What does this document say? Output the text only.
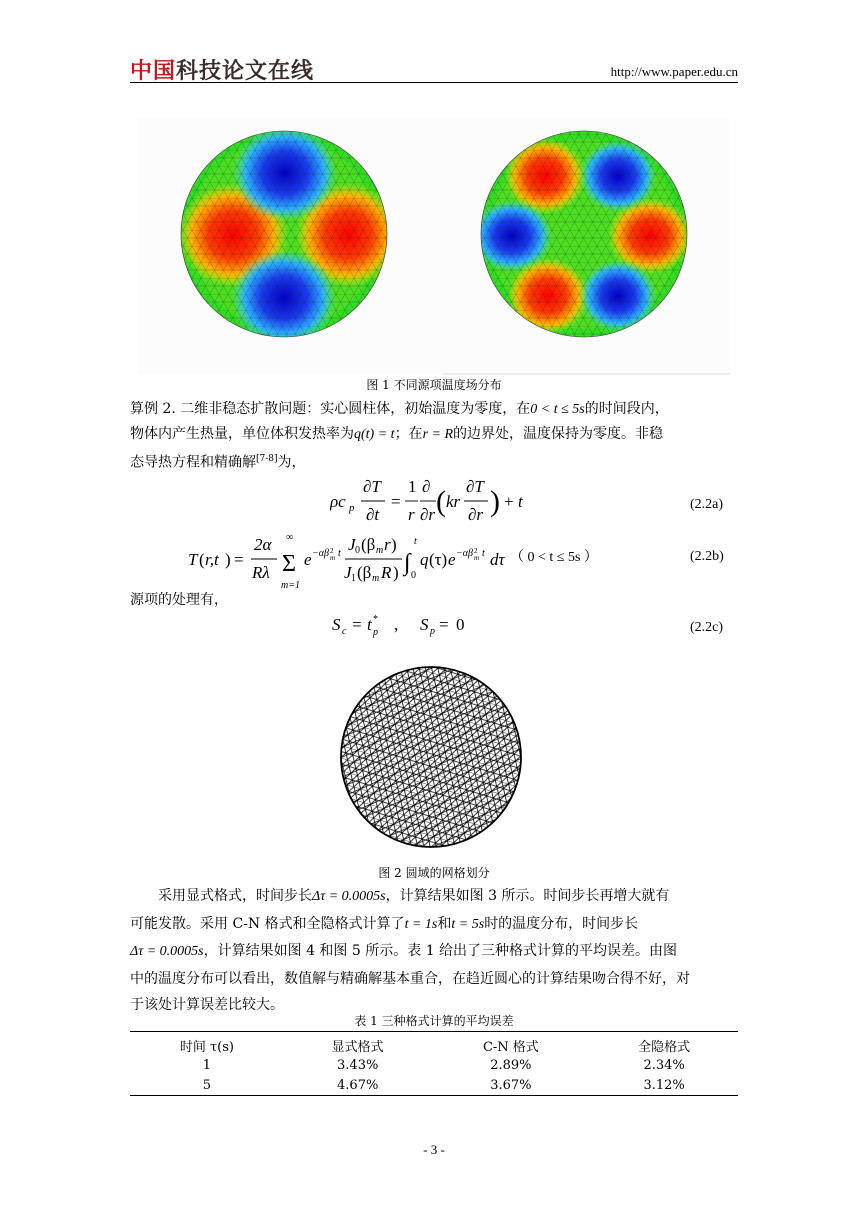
中国科技论文在线	http://www.paper.edu.cn
图 1 不同源项温度场分布
算例 2. 二维非稳态扩散问题：实心圆柱体，初始温度为零度，在0 < t ≤ 5s的时间段内，
物体内产生热量，单位体积发热率为q(t) = t；在r = R的边界处，温度保持为零度。非稳
态导热方程和精确解[7-8]为，
ρc p
∂T
∂t
=
1
r
∂
∂r ( kr
∂T
∂r ) + t	(2.2a)
T ( r,t ) =
2α
Rλ
∞
Σ
m=1
e −αβ 2
m t J 0 (β m r )
J 1 (β m R ) ∫
t
0
q (τ) e −αβ 2
m t dτ （ 0 < t ≤ 5s ）	(2.2b)
源项的处理有，
S c = t *
p , S p = 0	(2.2c)
图 2 圆域的网格划分
采用显式格式，时间步长Δτ = 0.0005s，计算结果如图 3 所示。时间步长再增大就有
可能发散。采用 C-N 格式和全隐格式计算了t = 1s和t = 5s时的温度分布，时间步长
Δτ = 0.0005s，计算结果如图 4 和图 5 所示。表 1 给出了三种格式计算的平均误差。由图
中的温度分布可以看出，数值解与精确解基本重合，在趋近圆心的计算结果吻合得不好，对
于该处计算误差比较大。
表 1 三种格式计算的平均误差
时间 τ(s)	显式格式	C-N 格式	全隐格式
1	3.43%	2.89%	2.34%
5	4.67%	3.67%	3.12%
- 3 -
